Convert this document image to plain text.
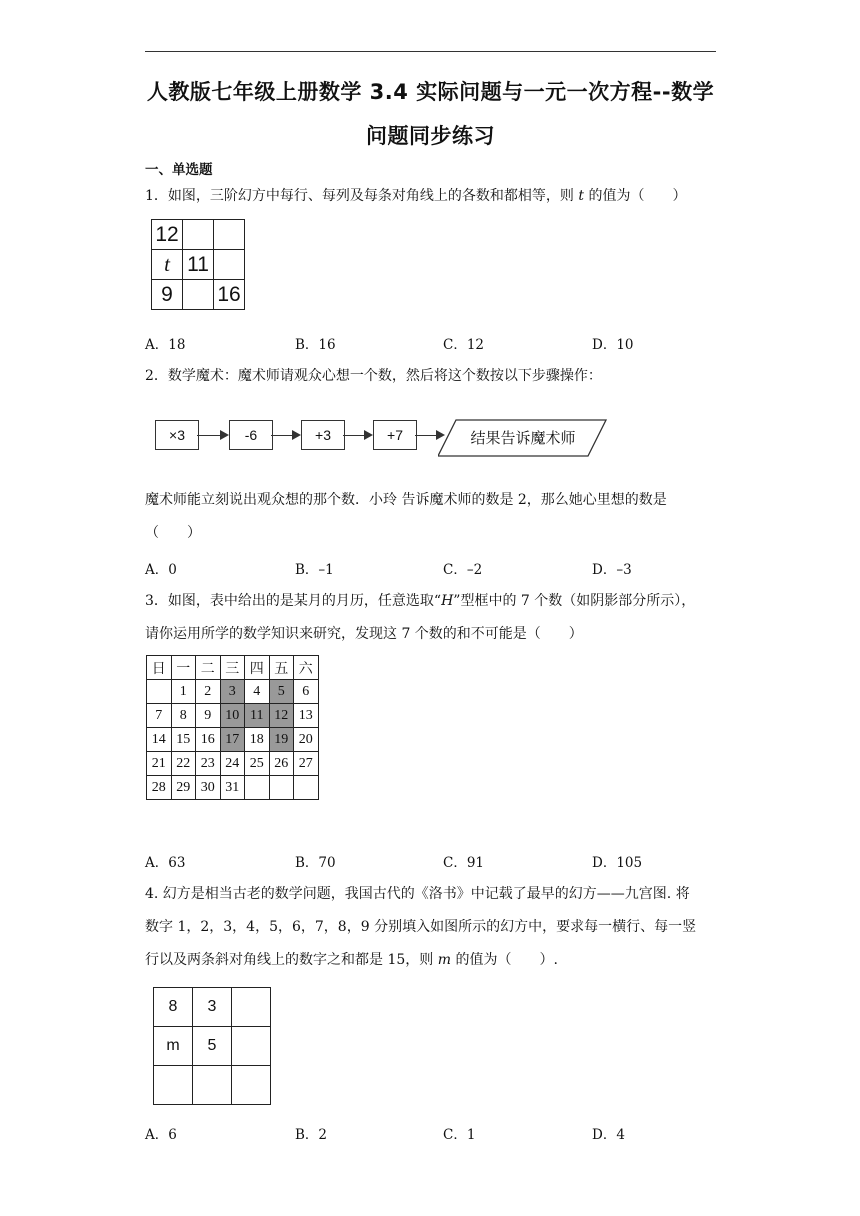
人教版七年级上册数学 3.4 实际问题与一元一次方程--数学
问题同步练习
一、单选题
1．如图，三阶幻方中每行、每列及每条对角线上的各数和都相等，则 t 的值为（　　）
12		
t	11	
9		16
A．18	B．16	C．12	D．10
2．数学魔术：魔术师请观众心想一个数，然后将这个数按以下步骤操作：
×3	-6	+3	+7	结果告诉魔术师
魔术师能立刻说出观众想的那个数．小玲 告诉魔术师的数是 2，那么她心里想的数是
（　　）
A．0	B．–1	C．–2	D．–3
3．如图，表中给出的是某月的月历，任意选取“H”型框中的 7 个数（如阴影部分所示），
请你运用所学的数学知识来研究，发现这 7 个数的和不可能是（　　）
日	一	二	三	四	五	六
	1	2	3	4	5	6
7	8	9	10	11	12	13
14	15	16	17	18	19	20
21	22	23	24	25	26	27
28	29	30	31			
A．63	B．70	C．91	D．105
4. 幻方是相当古老的数学问题，我国古代的《洛书》中记载了最早的幻方——九宫图. 将
数字 1，2，3，4，5，6，7，8，9 分别填入如图所示的幻方中，要求每一横行、每一竖
行以及两条斜对角线上的数字之和都是 15，则 m 的值为（　　）.
8	3	
m	5	

A．6	B．2	C．1	D．4
